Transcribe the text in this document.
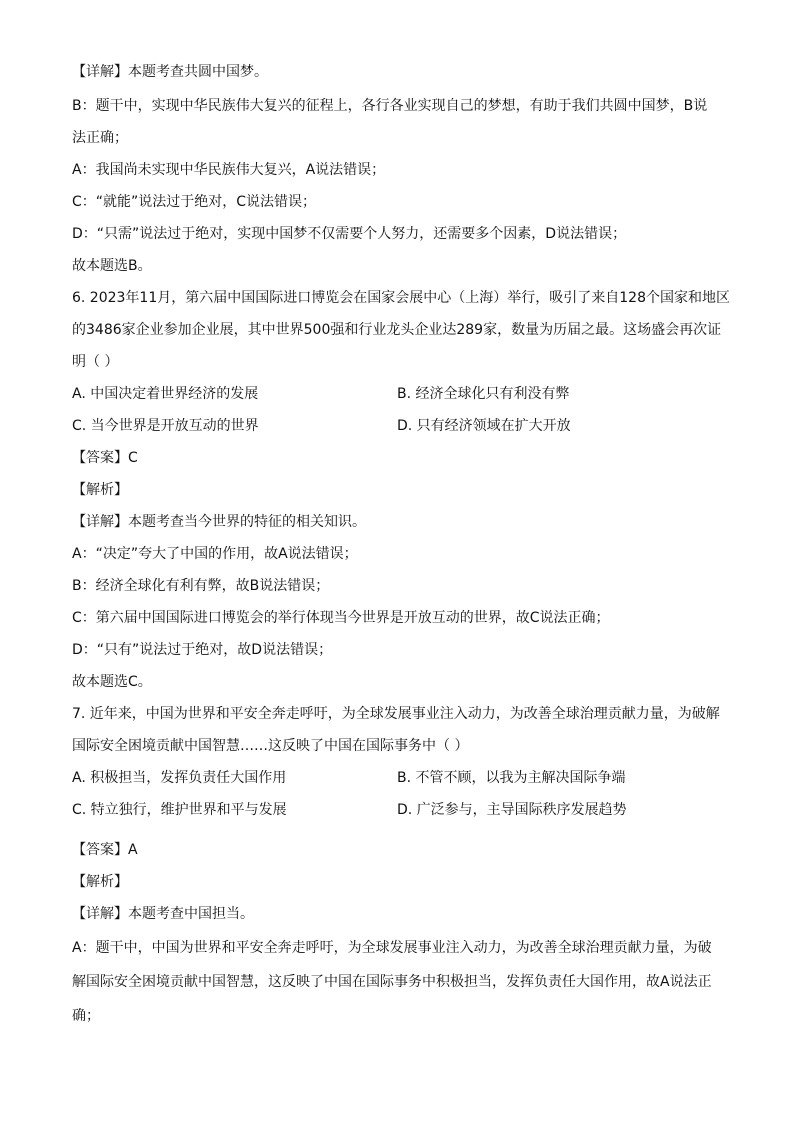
【详解】本题考查共圆中国梦。
B：题干中，实现中华民族伟大复兴的征程上，各行各业实现自己的梦想，有助于我们共圆中国梦，B说
法正确；
A：我国尚未实现中华民族伟大复兴，A说法错误；
C：“就能”说法过于绝对，C说法错误；
D：“只需”说法过于绝对，实现中国梦不仅需要个人努力，还需要多个因素，D说法错误；
故本题选B。
6. 2023年11月，第六届中国国际进口博览会在国家会展中心（上海）举行，吸引了来自128个国家和地区
的3486家企业参加企业展，其中世界500强和行业龙头企业达289家，数量为历届之最。这场盛会再次证
明（ ）
A. 中国决定着世界经济的发展	B. 经济全球化只有利没有弊
C. 当今世界是开放互动的世界	D. 只有经济领域在扩大开放
【答案】C
【解析】
【详解】本题考查当今世界的特征的相关知识。
A：“决定”夸大了中国的作用，故A说法错误；
B：经济全球化有利有弊，故B说法错误；
C：第六届中国国际进口博览会的举行体现当今世界是开放互动的世界，故C说法正确；
D：“只有”说法过于绝对，故D说法错误；
故本题选C。
7. 近年来，中国为世界和平安全奔走呼吁，为全球发展事业注入动力，为改善全球治理贡献力量，为破解
国际安全困境贡献中国智慧……这反映了中国在国际事务中（ ）
A. 积极担当，发挥负责任大国作用	B. 不管不顾，以我为主解决国际争端
C. 特立独行，维护世界和平与发展	D. 广泛参与，主导国际秩序发展趋势
【答案】A
【解析】
【详解】本题考查中国担当。
A：题干中，中国为世界和平安全奔走呼吁，为全球发展事业注入动力，为改善全球治理贡献力量，为破
解国际安全困境贡献中国智慧，这反映了中国在国际事务中积极担当，发挥负责任大国作用，故A说法正
确；
